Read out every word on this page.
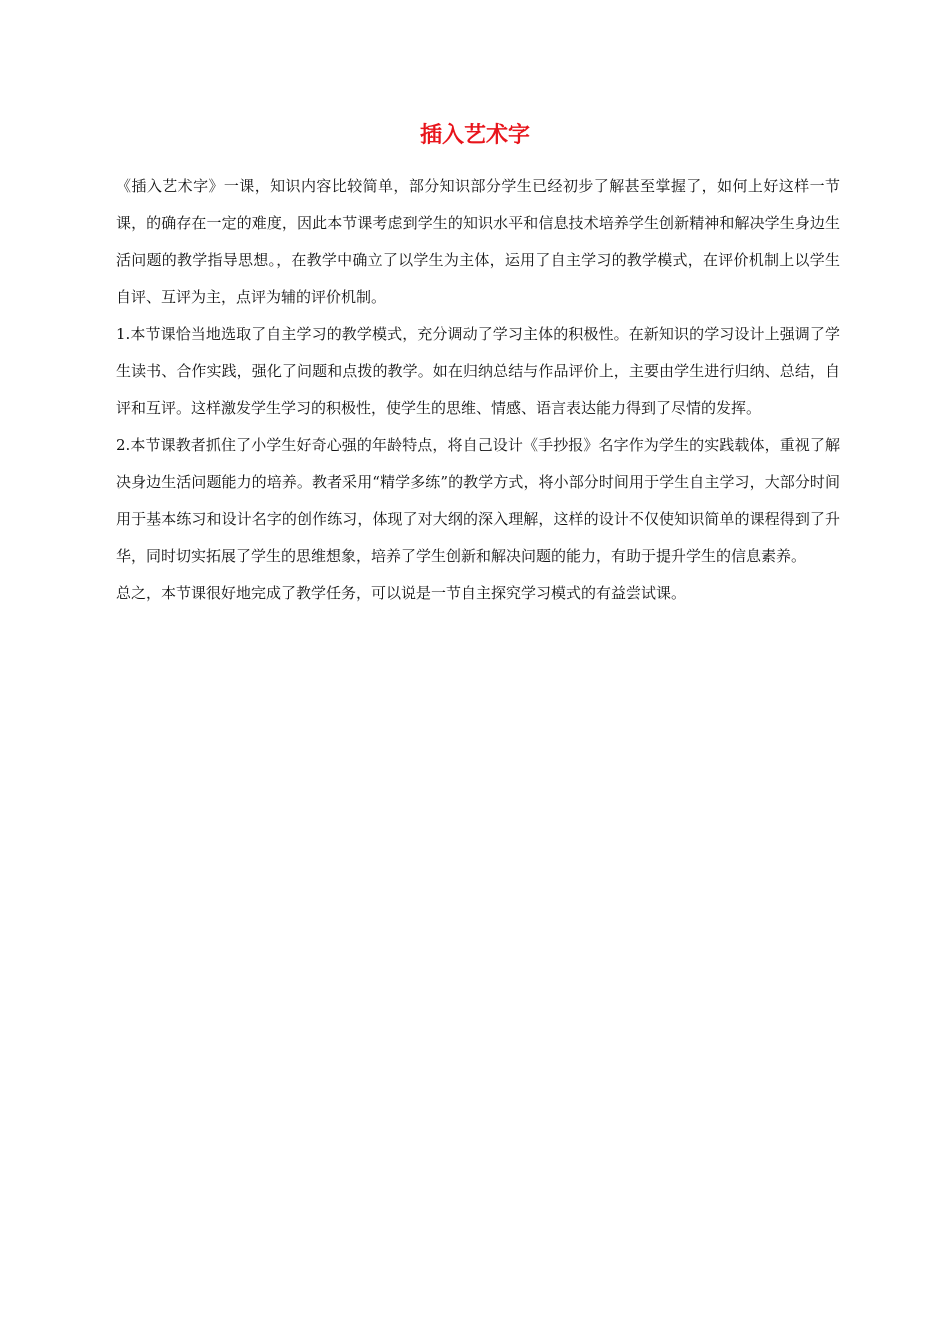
插入艺术字

《插入艺术字》一课，知识内容比较简单，部分知识部分学生已经初步了解甚至掌握了，如何上好这样一节课，的确存在一定的难度，因此本节课考虑到学生的知识水平和信息技术培养学生创新精神和解决学生身边生活问题的教学指导思想。，在教学中确立了以学生为主体，运用了自主学习的教学模式，在评价机制上以学生自评、互评为主，点评为辅的评价机制。

1.本节课恰当地选取了自主学习的教学模式，充分调动了学习主体的积极性。在新知识的学习设计上强调了学生读书、合作实践，强化了问题和点拨的教学。如在归纳总结与作品评价上，主要由学生进行归纳、总结，自评和互评。这样激发学生学习的积极性，使学生的思维、情感、语言表达能力得到了尽情的发挥。

2.本节课教者抓住了小学生好奇心强的年龄特点，将自己设计《手抄报》名字作为学生的实践载体，重视了解决身边生活问题能力的培养。教者采用“精学多练”的教学方式，将小部分时间用于学生自主学习，大部分时间用于基本练习和设计名字的创作练习，体现了对大纲的深入理解，这样的设计不仅使知识简单的课程得到了升华，同时切实拓展了学生的思维想象，培养了学生创新和解决问题的能力，有助于提升学生的信息素养。

总之，本节课很好地完成了教学任务，可以说是一节自主探究学习模式的有益尝试课。
